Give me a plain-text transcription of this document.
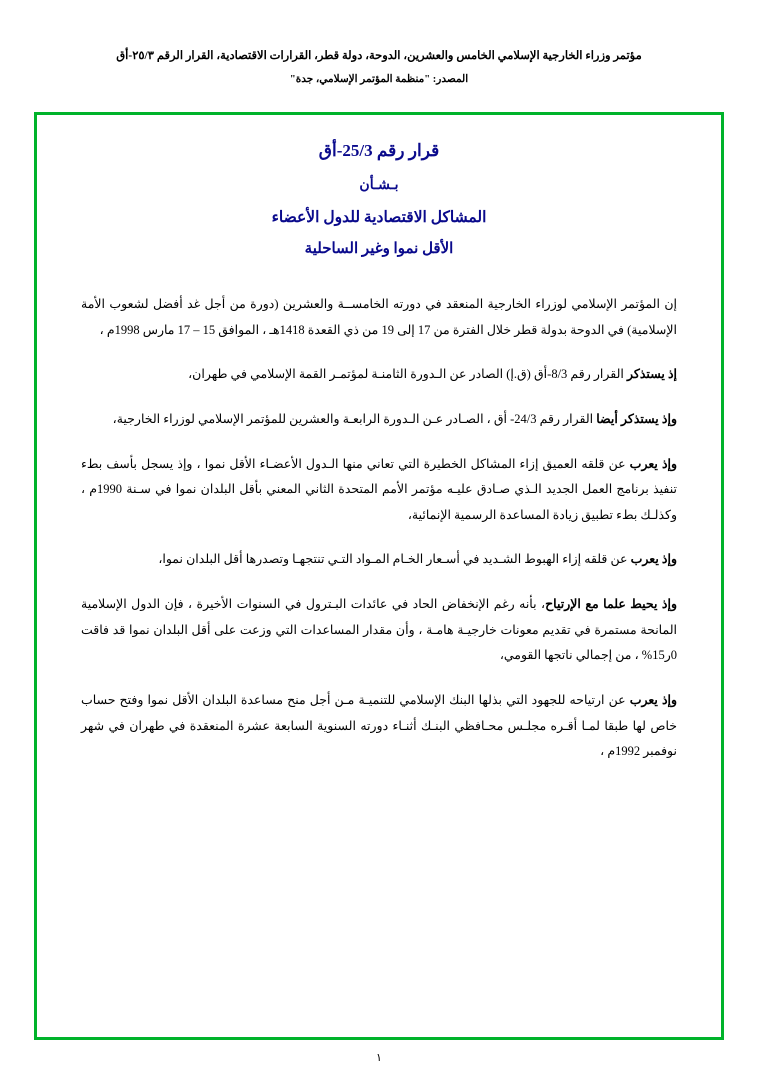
مؤتمر وزراء الخارجية الإسلامي الخامس والعشرين، الدوحة، دولة قطر، القرارات الاقتصادية، القرار الرقم ٢٥/٣-أق
المصدر: "منظمة المؤتمر الإسلامي، جدة"
قرار رقم 25/3-أق
بـشـأن
المشاكل الاقتصادية للدول الأعضاء
الأقل نموا وغير الساحلية

إن المؤتمر الإسلامي لوزراء الخارجية المنعقد في دورته الخامســة والعشرين (دورة من أجل غد أفضل لشعوب الأمة الإسلامية) في الدوحة بدولة قطر خلال الفترة من 17 إلى 19 من ذي القعدة 1418هـ ، الموافق 15 – 17 مارس 1998م ،

إذ يستذكر القرار رقم 8/3-أق (ق.إ) الصادر عن الـدورة الثامنـة لمؤتمـر القمة الإسلامي في طهران،

وإذ يستذكر أيضا القرار رقم 24/3- أق ، الصـادر عـن الـدورة الرابعـة والعشرين للمؤتمر الإسلامي لوزراء الخارجية،

وإذ يعرب عن قلقه العميق إزاء المشاكل الخطيرة التي تعاني منها الـدول الأعضـاء الأقل نموا ، وإذ يسجل بأسف بطء تنفيذ برنامج العمل الجديد الـذي صـادق عليـه مؤتمر الأمم المتحدة الثاني المعني بأقل البلدان نموا في سـنة 1990م ، وكذلـك بطء تطبيق زيادة المساعدة الرسمية الإنمائية،

وإذ يعرب عن قلقه إزاء الهبوط الشـديد في أسـعار الخـام المـواد التـي تنتجهـا وتصدرها أقل البلدان نموا،

وإذ يحيط علما مع الإرتياح، بأنه رغم الإنخفاض الحاد في عائدات البـترول في السنوات الأخيرة ، فإن الدول الإسلامية المانحة مستمرة في تقديم معونات خارجيـة هامـة ، وأن مقدار المساعدات التي وزعت على أقل البلدان نموا قد فاقت 0ر15% ، من إجمالي ناتجها القومي،

وإذ يعرب عن ارتياحه للجهود التي بذلها البنك الإسلامي للتنميـة مـن أجل منح مساعدة البلدان الأقل نموا وفتح حساب خاص لها طبقا لمـا أقـره مجلـس محـافظي البنـك أثنـاء دورته السنوية السابعة عشرة المنعقدة في طهران في شهر نوفمبر 1992م ،

١
